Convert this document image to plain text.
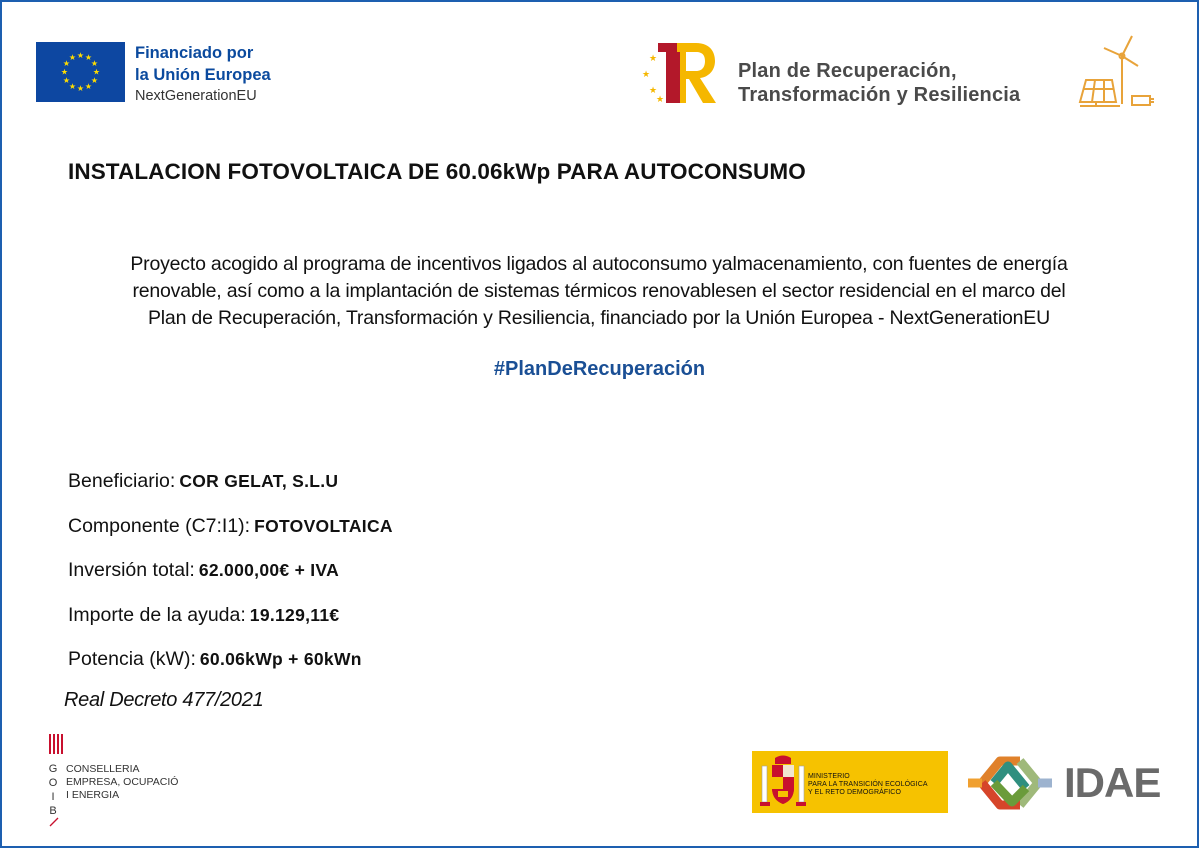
★ ★
★
★
★
★
★
★
★
★
★
★	Financiado por
la Unión Europea
NextGenerationEU
★
★
★
★
Plan de Recuperación,
Transformación y Resiliencia
INSTALACION FOTOVOLTAICA DE 60.06kWp PARA AUTOCONSUMO
Proyecto acogido al programa de incentivos ligados al autoconsumo yalmacenamiento, con fuentes de energía
renovable, así como a la implantación de sistemas térmicos renovablesen el sector residencial en el marco del
Plan de Recuperación, Transformación y Resiliencia, financiado por la Unión Europea - NextGenerationEU
#PlanDeRecuperación
Beneficiario: COR GELAT, S.L.U
Componente (C7:I1): FOTOVOLTAICA
Inversión total: 62.000,00€ + IVA
Importe de la ayuda: 19.129,11€
Potencia (kW): 60.06kWp + 60kWn
Real Decreto 477/2021
G
O
I
B
CONSELLERIA
EMPRESA, OCUPACIÓ
I ENERGIA
MINISTERIO
PARA LA TRANSICIÓN ECOLÓGICA
Y EL RETO DEMOGRÁFICO	IDAE
